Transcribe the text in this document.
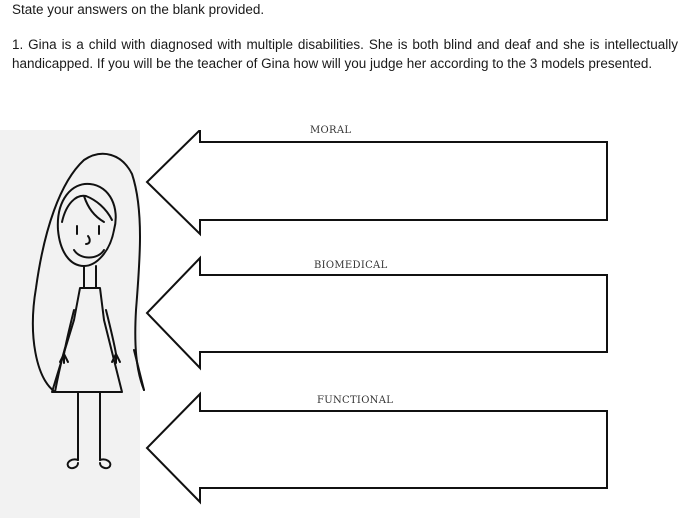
State your answers on the blank provided.
1. Gina is a child with diagnosed with multiple disabilities. She is both blind and deaf and she is intellectually handicapped. If you will be the teacher of Gina how will you judge her according to the 3 models presented.
MORAL
BIOMEDICAL
FUNCTIONAL
